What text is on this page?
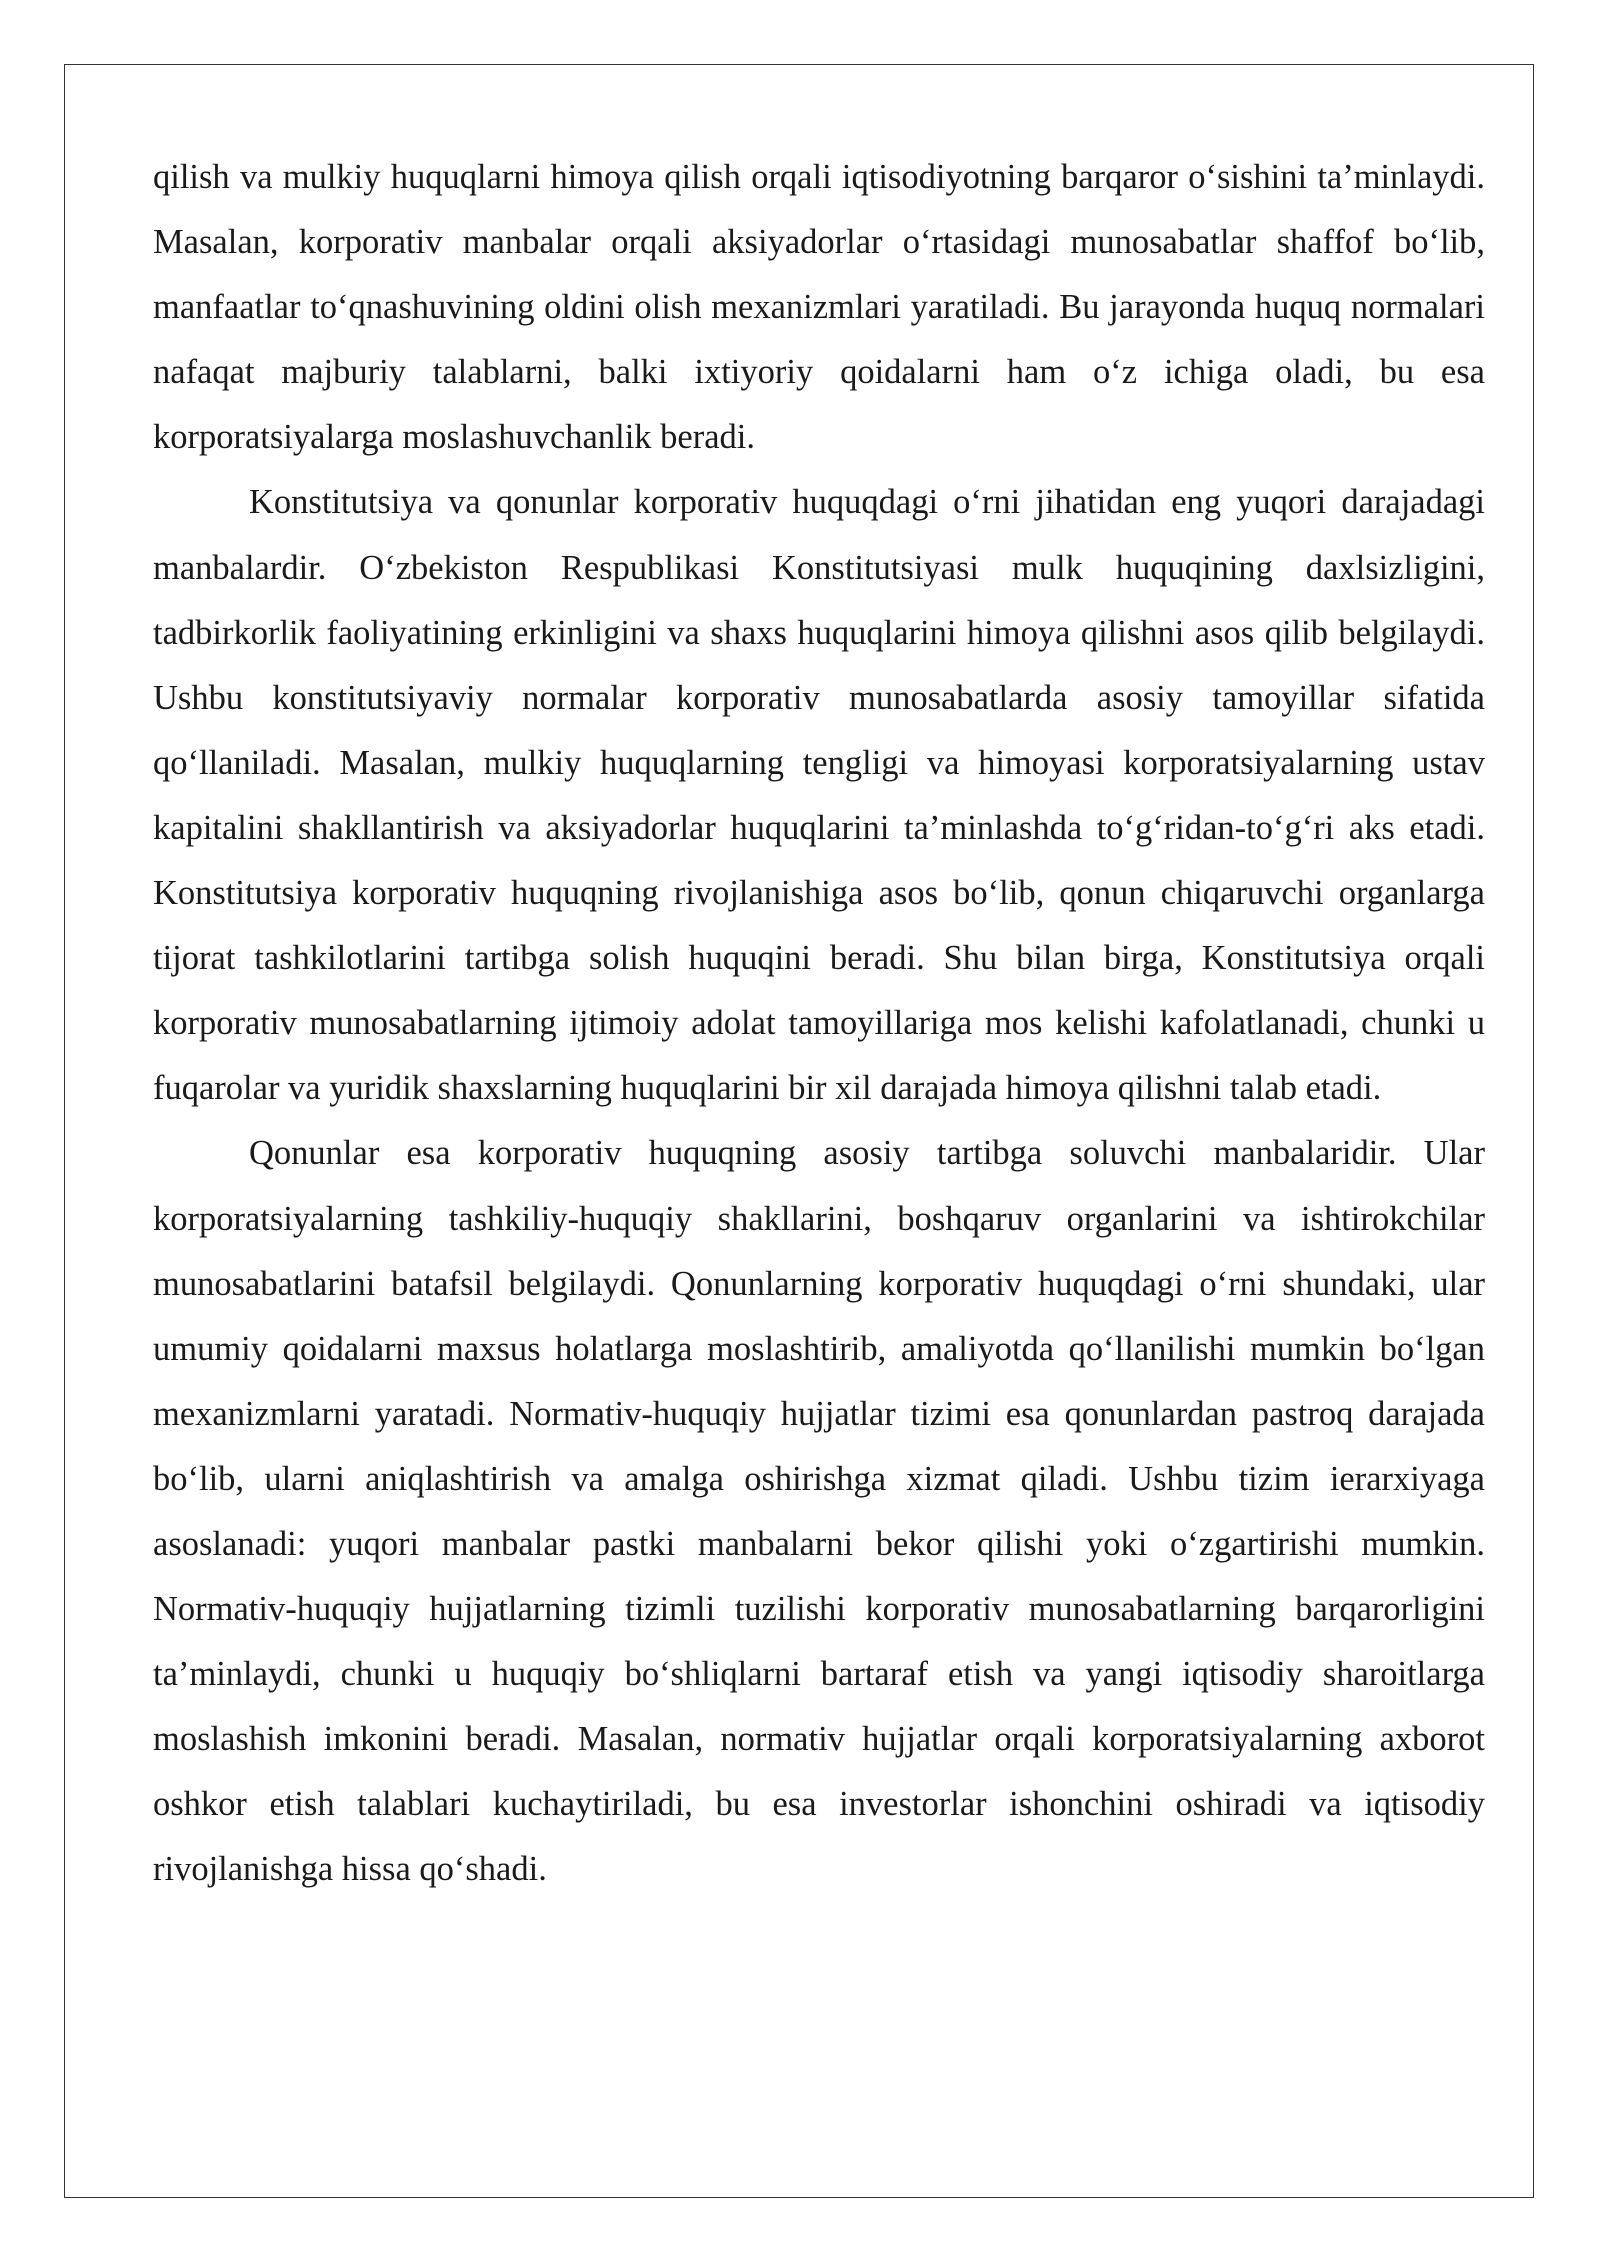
qilish va mulkiy huquqlarni himoya qilish orqali iqtisodiyotning barqaror o‘sishini ta’minlaydi. Masalan, korporativ manbalar orqali aksiyadorlar o‘rtasidagi munosabatlar shaffof bo‘lib, manfaatlar to‘qnashuvining oldini olish mexanizmlari yaratiladi. Bu jarayonda huquq normalari nafaqat majburiy talablarni, balki ixtiyoriy qoidalarni ham o‘z ichiga oladi, bu esa korporatsiyalarga moslashuvchanlik beradi.

Konstitutsiya va qonunlar korporativ huquqdagi o‘rni jihatidan eng yuqori darajadagi manbalardir. O‘zbekiston Respublikasi Konstitutsiyasi mulk huquqining daxlsizligini, tadbirkorlik faoliyatining erkinligini va shaxs huquqlarini himoya qilishni asos qilib belgilaydi. Ushbu konstitutsiyaviy normalar korporativ munosabatlarda asosiy tamoyillar sifatida qo‘llaniladi. Masalan, mulkiy huquqlarning tengligi va himoyasi korporatsiyalarning ustav kapitalini shakllantirish va aksiyadorlar huquqlarini ta’minlashda to‘g‘ridan-to‘g‘ri aks etadi. Konstitutsiya korporativ huquqning rivojlanishiga asos bo‘lib, qonun chiqaruvchi organlarga tijorat tashkilotlarini tartibga solish huquqini beradi. Shu bilan birga, Konstitutsiya orqali korporativ munosabatlarning ijtimoiy adolat tamoyillariga mos kelishi kafolatlanadi, chunki u fuqarolar va yuridik shaxslarning huquqlarini bir xil darajada himoya qilishni talab etadi.

Qonunlar esa korporativ huquqning asosiy tartibga soluvchi manbalaridir. Ular korporatsiyalarning tashkiliy-huquqiy shakllarini, boshqaruv organlarini va ishtirokchilar munosabatlarini batafsil belgilaydi. Qonunlarning korporativ huquqdagi o‘rni shundaki, ular umumiy qoidalarni maxsus holatlarga moslashtirib, amaliyotda qo‘llanilishi mumkin bo‘lgan mexanizmlarni yaratadi. Normativ-huquqiy hujjatlar tizimi esa qonunlardan pastroq darajada bo‘lib, ularni aniqlashtirish va amalga oshirishga xizmat qiladi. Ushbu tizim ierarxiyaga asoslanadi: yuqori manbalar pastki manbalarni bekor qilishi yoki o‘zgartirishi mumkin. Normativ-huquqiy hujjatlarning tizimli tuzilishi korporativ munosabatlarning barqarorligini ta’minlaydi, chunki u huquqiy bo‘shliqlarni bartaraf etish va yangi iqtisodiy sharoitlarga moslashish imkonini beradi. Masalan, normativ hujjatlar orqali korporatsiyalarning axborot oshkor etish talablari kuchaytiriladi, bu esa investorlar ishonchini oshiradi va iqtisodiy rivojlanishga hissa qo‘shadi.
